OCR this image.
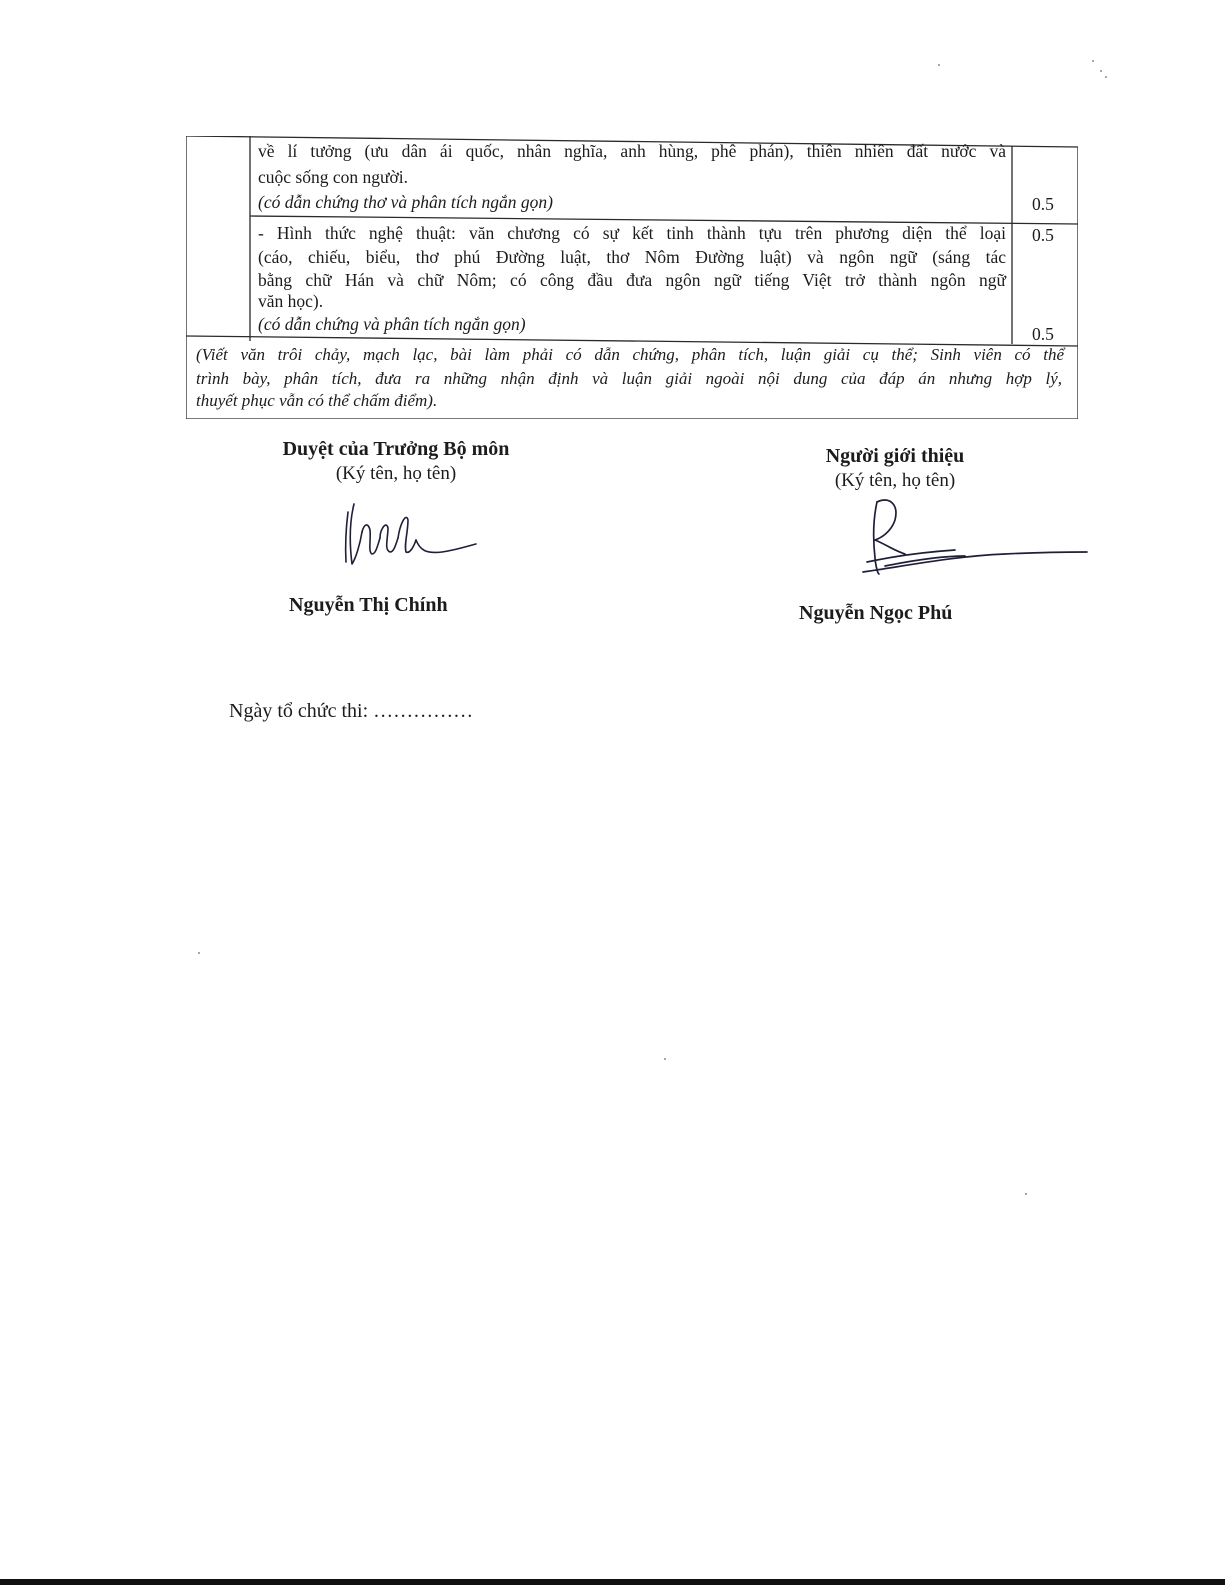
về lí tưởng (ưu dân ái quốc, nhân nghĩa, anh hùng, phê phán), thiên nhiên đất nước và
cuộc sống con người.
(có dẫn chứng thơ và phân tích ngắn gọn)	0.5
- Hình thức nghệ thuật: văn chương có sự kết tinh thành tựu trên phương diện thể loại
(cáo, chiếu, biểu, thơ phú Đường luật, thơ Nôm Đường luật) và ngôn ngữ (sáng tác
bằng chữ Hán và chữ Nôm; có công đầu đưa ngôn ngữ tiếng Việt trở thành ngôn ngữ
văn học).
(có dẫn chứng và phân tích ngắn gọn)
0.5
0.5
(Viết văn trôi chảy, mạch lạc, bài làm phải có dẫn chứng, phân tích, luận giải cụ thể; Sinh viên có thể
trình bày, phân tích, đưa ra những nhận định và luận giải ngoài nội dung của đáp án nhưng hợp lý,
thuyết phục vẫn có thể chấm điểm).
Duyệt của Trưởng Bộ môn
(Ký tên, họ tên)
Nguyễn Thị Chính
Người giới thiệu
(Ký tên, họ tên)
Nguyễn Ngọc Phú
Ngày tổ chức thi: ……………
